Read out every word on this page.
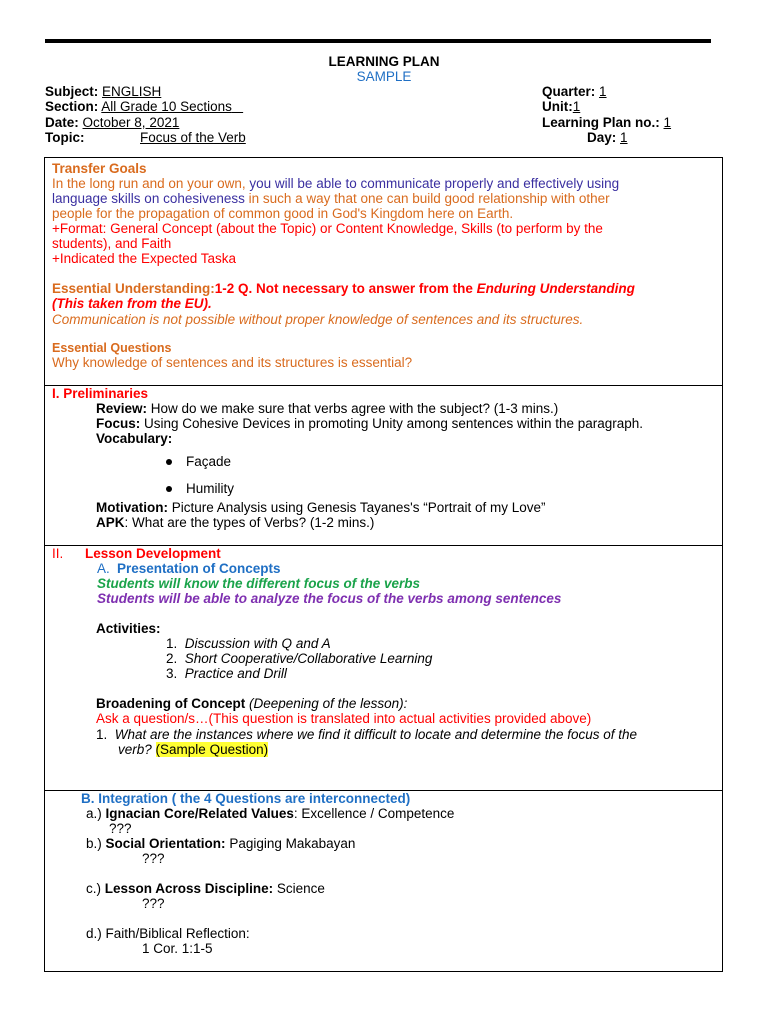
LEARNING PLAN
SAMPLE
Subject: ENGLISH
Section: All Grade 10 Sections
Date: October 8, 2021
Topic:	Focus of the Verb
Quarter: 1
Unit:1
Learning Plan no.: 1
Day: 1
Transfer Goals
In the long run and on your own, you will be able to communicate properly and effectively using
language skills on cohesiveness in such a way that one can build good relationship with other
people for the propagation of common good in God's Kingdom here on Earth.
+Format: General Concept (about the Topic) or Content Knowledge, Skills (to perform by the
students), and Faith
+Indicated the Expected Taska
Essential Understanding:1-2 Q. Not necessary to answer from the Enduring Understanding
(This taken from the EU).
Communication is not possible without proper knowledge of sentences and its structures.
Essential Questions
Why knowledge of sentences and its structures is essential?
I. Preliminaries
Review: How do we make sure that verbs agree with the subject? (1-3 mins.)
Focus: Using Cohesive Devices in promoting Unity among sentences within the paragraph.
Vocabulary:
Façade
Humility
Motivation: Picture Analysis using Genesis Tayanes's “Portrait of my Love”
APK: What are the types of Verbs? (1-2 mins.)
II. Lesson Development
A. Presentation of Concepts
Students will know the different focus of the verbs
Students will be able to analyze the focus of the verbs among sentences
Activities:
1. Discussion with Q and A
2. Short Cooperative/Collaborative Learning
3. Practice and Drill
Broadening of Concept (Deepening of the lesson):
Ask a question/s…(This question is translated into actual activities provided above)
1. What are the instances where we find it difficult to locate and determine the focus of the
verb? (Sample Question)
B. Integration ( the 4 Questions are interconnected)
a.) Ignacian Core/Related Values: Excellence / Competence
???
b.) Social Orientation: Pagiging Makabayan
???
c.) Lesson Across Discipline: Science
???
d.) Faith/Biblical Reflection:
1 Cor. 1:1-5
